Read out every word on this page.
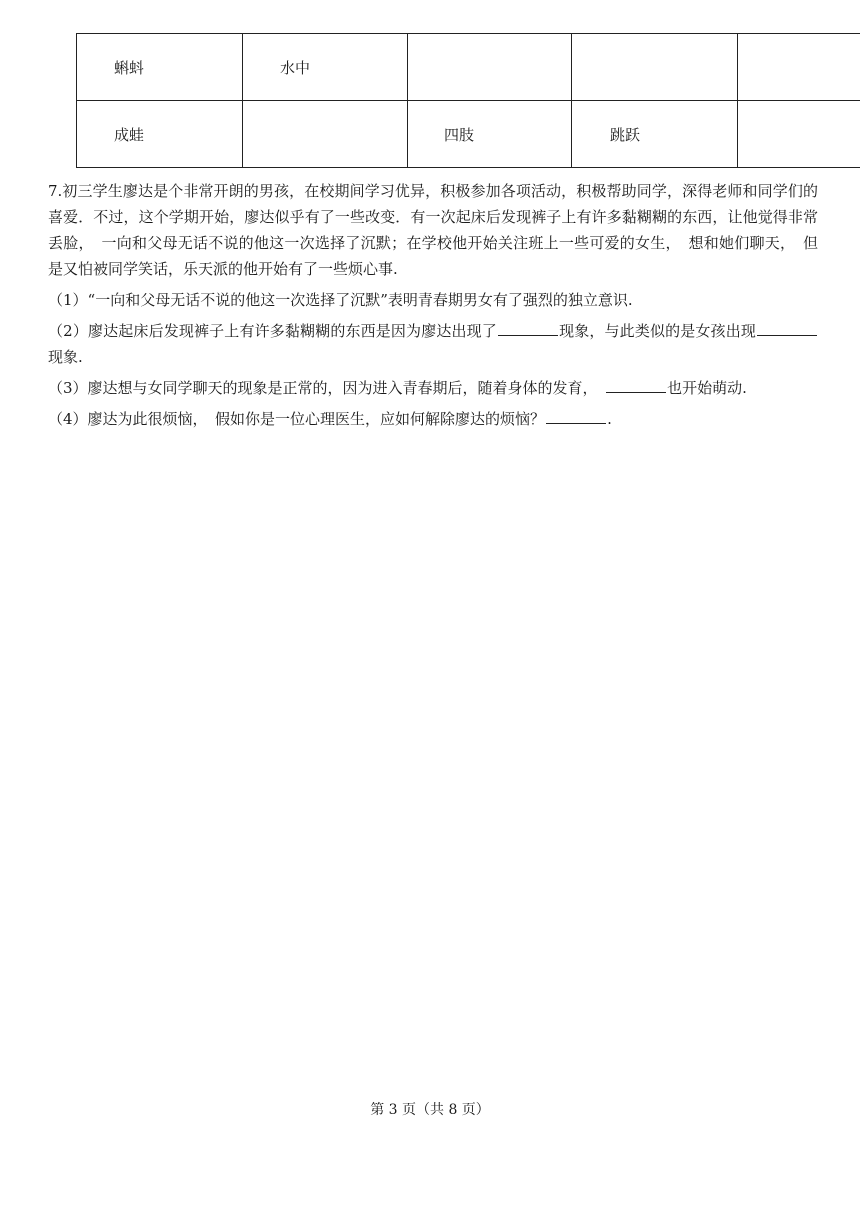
蝌蚪	水中			

成蛙		四肢	跳跃	

7.初三学生廖达是个非常开朗的男孩，在校期间学习优异，积极参加各项活动，积极帮助同学，深得老师和同学们的喜爱．不过，这个学期开始，廖达似乎有了一些改变．有一次起床后发现裤子上有许多黏糊糊的东西，让他觉得非常丢脸，　一向和父母无话不说的他这一次选择了沉默；在学校他开始关注班上一些可爱的女生，　想和她们聊天，　但是又怕被同学笑话，乐天派的他开始有了一些烦心事.

（1）“一向和父母无话不说的他这一次选择了沉默”表明青春期男女有了强烈的独立意识.

（2）廖达起床后发现裤子上有许多黏糊糊的东西是因为廖达出现了	现象，与此类似的是女孩出现现象.

（3）廖达想与女同学聊天的现象是正常的，因为进入青春期后，随着身体的发育，　	也开始萌动.

（4）廖达为此很烦恼，　假如你是一位心理医生，应如何解除廖达的烦恼？	.

第 3 页（共 8 页）
